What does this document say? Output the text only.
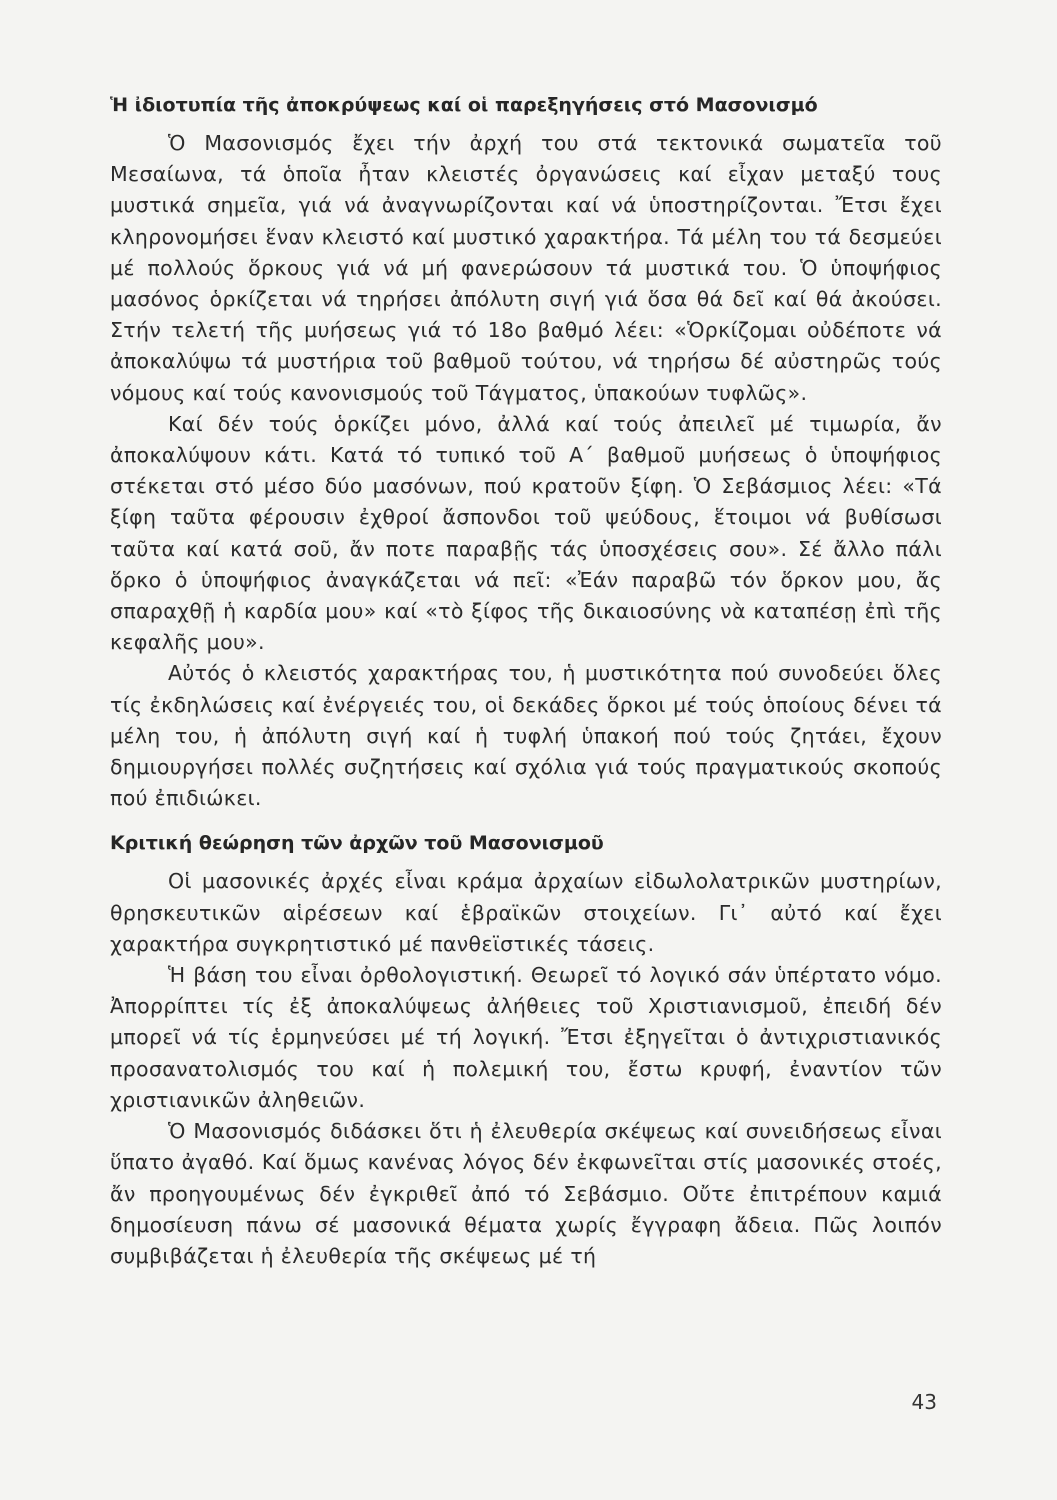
Ἡ ἰδιοτυπία τῆς ἀποκρύψεως καί οἱ παρεξηγήσεις στό Μασονισμό

Ὁ Μασονισμός ἔχει τήν ἀρχή του στά τεκτονικά σωματεῖα τοῦ Μεσαίωνα, τά ὁποῖα ἦταν κλειστές ὀργανώσεις καί εἶχαν μεταξύ τους μυστικά σημεῖα, γιά νά ἀναγνωρίζονται καί νά ὑποστηρίζονται. Ἔτσι ἔχει κληρονομήσει ἕναν κλειστό καί μυστικό χαρακτήρα. Τά μέλη του τά δεσμεύει μέ πολλούς ὅρκους γιά νά μή φανερώσουν τά μυστικά του. Ὁ ὑποψήφιος μασόνος ὁρκίζεται νά τηρήσει ἀπόλυτη σιγή γιά ὅσα θά δεῖ καί θά ἀκούσει. Στήν τελετή τῆς μυήσεως γιά τό 18ο βαθμό λέει: «Ὁρκίζομαι οὐδέποτε νά ἀποκαλύψω τά μυστήρια τοῦ βαθμοῦ τούτου, νά τηρήσω δέ αὐστηρῶς τούς νόμους καί τούς κανονισμούς τοῦ Τάγματος, ὑπακούων τυφλῶς».

Καί δέν τούς ὁρκίζει μόνο, ἀλλά καί τούς ἀπειλεῖ μέ τιμωρία, ἄν ἀποκαλύψουν κάτι. Κατά τό τυπικό τοῦ Α΄ βαθμοῦ μυήσεως ὁ ὑποψήφιος στέκεται στό μέσο δύο μασόνων, πού κρατοῦν ξίφη. Ὁ Σεβάσμιος λέει: «Τά ξίφη ταῦτα φέρουσιν ἐχθροί ἄσπονδοι τοῦ ψεύδους, ἕτοιμοι νά βυθίσωσι ταῦτα καί κατά σοῦ, ἄν ποτε παραβῇς τάς ὑποσχέσεις σου». Σέ ἄλλο πάλι ὅρκο ὁ ὑποψήφιος ἀναγκάζεται νά πεῖ: «Ἐάν παραβῶ τόν ὅρκον μου, ἄς σπαραχθῇ ἡ καρδία μου» καί «τὸ ξίφος τῆς δικαιοσύνης νὰ καταπέσῃ ἐπὶ τῆς κεφαλῆς μου».

Αὐτός ὁ κλειστός χαρακτήρας του, ἡ μυστικότητα πού συνοδεύει ὅλες τίς ἐκδηλώσεις καί ἐνέργειές του, οἱ δεκάδες ὅρκοι μέ τούς ὁποίους δένει τά μέλη του, ἡ ἀπόλυτη σιγή καί ἡ τυφλή ὑπακοή πού τούς ζητάει, ἔχουν δημιουργήσει πολλές συζητήσεις καί σχόλια γιά τούς πραγματικούς σκοπούς πού ἐπιδιώκει.

Κριτική θεώρηση τῶν ἀρχῶν τοῦ Μασονισμοῦ

Οἱ μασονικές ἀρχές εἶναι κράμα ἀρχαίων εἰδωλολατρικῶν μυστηρίων, θρησκευτικῶν αἱρέσεων καί ἑβραϊκῶν στοιχείων. Γι᾽ αὐτό καί ἔχει χαρακτήρα συγκρητιστικό μέ πανθεϊστικές τάσεις.

Ἡ βάση του εἶναι ὀρθολογιστική. Θεωρεῖ τό λογικό σάν ὑπέρτατο νόμο. Ἀπορρίπτει τίς ἐξ ἀποκαλύψεως ἀλήθειες τοῦ Χριστιανισμοῦ, ἐπειδή δέν μπορεῖ νά τίς ἑρμηνεύσει μέ τή λογική. Ἔτσι ἐξηγεῖται ὁ ἀντιχριστιανικός προσανατολισμός του καί ἡ πολεμική του, ἔστω κρυφή, ἐναντίον τῶν χριστιανικῶν ἀληθειῶν.

Ὁ Μασονισμός διδάσκει ὅτι ἡ ἐλευθερία σκέψεως καί συνειδήσεως εἶναι ὕπατο ἀγαθό. Καί ὅμως κανένας λόγος δέν ἐκφωνεῖται στίς μασονικές στοές, ἄν προηγουμένως δέν ἐγκριθεῖ ἀπό τό Σεβάσμιο. Οὔτε ἐπιτρέπουν καμιά δημοσίευση πάνω σέ μασονικά θέματα χωρίς ἔγγραφη ἄδεια. Πῶς λοιπόν συμβιβάζεται ἡ ἐλευθερία τῆς σκέψεως μέ τή

43
